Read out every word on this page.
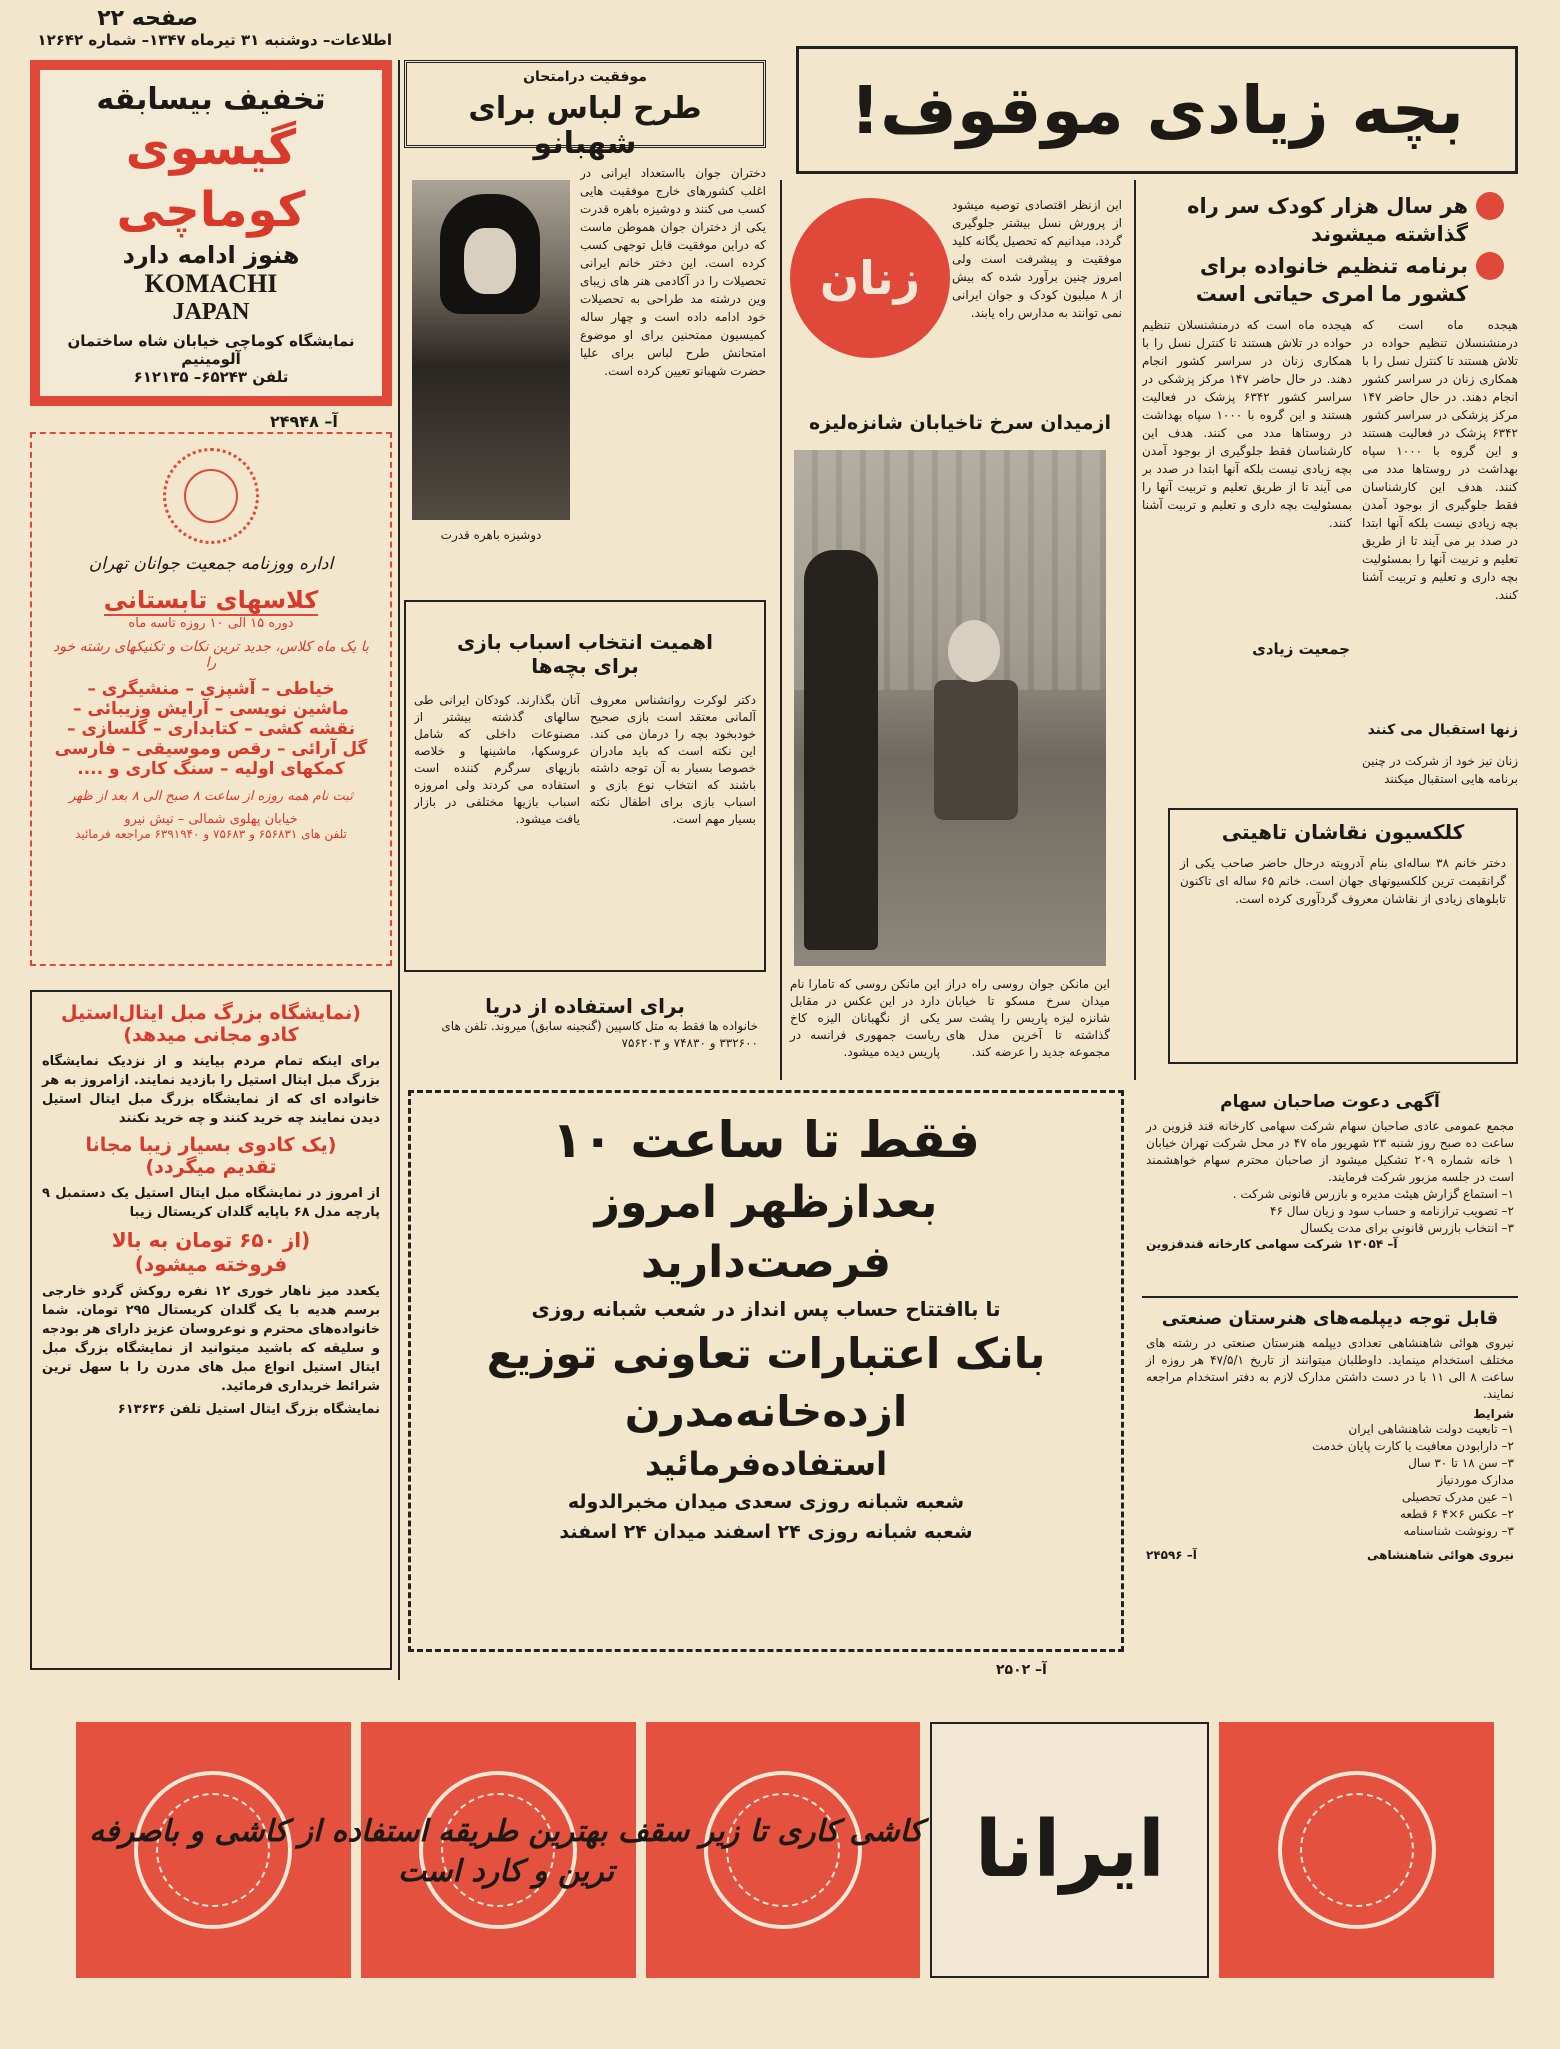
صفحه ۲۲
اطلاعات– دوشنبه ۳۱ تیرماه ۱۳۴۷– شماره ۱۲۶۴۲
تخفیف بیسابقه
گیسوی کوماچی
هنوز ادامه دارد
KOMACHI
JAPAN
نمایشگاه کوماچی خیابان شاه ساختمان آلومینیم
تلفن ۶۵۲۴۳– ۶۱۲۱۳۵
آ– ۲۴۹۴۸
اداره ووزنامه جمعیت جوانان تهران
کلاسهای تابستانی
دوره ۱۵ الی ۱۰ روزه تاسه ماه
با یک ماه کلاس، جدید ترین نکات و تکنیکهای رشته خود را
خیاطی – آشپزی – منشیگری –
ماشین نویسی – آرایش وزیبائی –
نقشه کشی – کتابداری – گلسازی –
گل آرائی – رقص وموسیقی – فارسی
کمکهای اولیه – سنگ کاری و ....
ثبت نام همه روزه از ساعت ۸ صبح الی ۸ بعد از ظهر
خیابان پهلوی شمالی – تیش نیرو
تلفن های ۶۵۶۸۳۱ و ۷۵۶۸۳ و ۶۳۹۱۹۴۰ مراجعه فرمائید
(نمایشگاه بزرگ مبل ایتال‌استیل
کادو مجانی میدهد)

برای اینکه تمام مردم بیایند و از نزدیک نمایشگاه بزرگ مبل ایتال استیل را بازدید نمایند. ازامروز به هر خانواده ای که از نمایشگاه بزرگ مبل ایتال استیل دیدن نمایند چه خرید کنند و چه خرید نکنند

(یک کادوی بسیار زیبا مجانا
تقدیم میگردد)

از امروز در نمایشگاه مبل ایتال استیل یک دستمبل ۹ پارچه مدل ۶۸ باپایه گلدان کریستال زیبا

(از ۶۵۰ تومان به بالا
فروخته میشود)

یکعدد میز ناهار خوری ۱۲ نفره روکش گردو خارجی برسم هدیه با یک گلدان کریستال ۲۹۵ تومان. شما خانواده‌های محترم و نوعروسان عزیز دارای هر بودجه و سلیقه که باشید میتوانید از نمایشگاه بزرگ مبل ایتال استیل انواع مبل های مدرن را با سهل ترین شرائط خریداری فرمائید.

نمایشگاه بزرگ ایتال استیل تلفن ۶۱۳۶۳۶

موفقیت درامتحان
طرح لباس برای شهبانو
دختران جوان بااستعداد ایرانی در اغلب کشورهای خارج موفقیت هایی کسب می کنند و دوشیزه باهره قدرت یکی از دختران جوان هموطن ماست که دراین موفقیت قابل توجهی کسب کرده است. این دختر خانم ایرانی تحصیلات را در آکادمی هنر های زیبای وین درشته مد طراحی به تحصیلات خود ادامه داده است و چهار ساله کمیسیون ممتحنین برای او موضوع امتحانش طرح لباس برای علیا حضرت شهبانو تعیین کرده است.
دوشیزه باهره قدرت
اهمیت انتخاب اسباب بازی
برای بچه‌ها
دکتر لوکرت روانشناس معروف آلمانی معتقد است بازی صحیح خودبخود بچه را درمان می کند. این نکته است که باید مادران خصوصا بسیار به آن توجه داشته باشند که انتخاب نوع بازی و اسباب بازی برای اطفال نکته بسیار مهم است.
آنان بگذارند. کودکان ایرانی طی سالهای گذشته بیشتر از مصنوعات داخلی که شامل عروسکها، ماشینها و خلاصه بازیهای سرگرم کننده است استفاده می کردند ولی امروزه اسباب بازیها مختلفی در بازار یافت میشود.
برای استفاده از دریا
خانواده ها فقط به متل کاسپین (گنجینه سابق) میروند. تلفن های ۳۳۲۶۰۰ و ۷۴۸۳۰ و ۷۵۶۲۰۳
زنان
این ازنظر اقتصادی توصیه میشود از پرورش نسل بیشتر جلوگیری گردد. میدانیم که تحصیل یگانه کلید موفقیت و پیشرفت است ولی امروز چنین برآورد شده که بیش از ۸ میلیون کودک و جوان ایرانی نمی توانند به مدارس راه یابند.
ازمیدان سرخ تاخیابان شانزه‌لیزه
این مانکن جوان روسی راه دراز میدان سرخ مسکو تا خیابان شانزه لیزه پاریس را پشت سر گذاشته تا آخرین مدل های مجموعه جدید را عرضه کند.
این مانکن روسی که تامارا نام دارد در این عکس در مقابل یکی از نگهبانان الیزه کاخ ریاست جمهوری فرانسه در پاریس دیده میشود.
بچه زیادی موقوف!
هر سال هزار کودک سر راه گذاشته میشوند
برنامه تنظیم خانواده برای کشور ما امری حیاتی است
هیجده ماه است که درمنشنسلان تنظیم حواده در تلاش هستند تا کنترل نسل را با همکاری زنان در سراسر کشور انجام دهند. در حال حاضر ۱۴۷ مرکز پزشکی در سراسر کشور ۶۳۴۲ پزشک در فعالیت هستند و این گروه با ۱۰۰۰ سپاه بهداشت در روستاها مدد می کنند. هدف این کارشناسان فقط جلوگیری از بوجود آمدن بچه زیادی نیست بلکه آنها ابتدا در صدد بر می آیند تا از طریق تعلیم و تربیت آنها را بمسئولیت بچه داری و تعلیم و تربیت آشنا کنند.
هیجده ماه است که درمنشنسلان تنظیم حواده در تلاش هستند تا کنترل نسل را با همکاری زنان در سراسر کشور انجام دهند. در حال حاضر ۱۴۷ مرکز پزشکی در سراسر کشور ۶۳۴۲ پزشک در فعالیت هستند و این گروه با ۱۰۰۰ سپاه بهداشت در روستاها مدد می کنند. هدف این کارشناسان فقط جلوگیری از بوجود آمدن بچه زیادی نیست بلکه آنها ابتدا در صدد بر می آیند تا از طریق تعلیم و تربیت آنها را بمسئولیت بچه داری و تعلیم و تربیت آشنا کنند.
جمعیت زیادی
زنها استقبال می کنند
زنان نیز خود از شرکت در چنین برنامه هایی استقبال میکنند
کلکسیون نقاشان تاهیتی
دختر خانم ۳۸ ساله‌ای بنام آدرویته درحال حاضر صاحب یکی از گرانقیمت ترین کلکسیونهای جهان است. خانم ۶۵ ساله ای تاکنون تابلوهای زیادی از نقاشان معروف گردآوری کرده است.
آگهی دعوت صاحبان سهام
مجمع عمومی عادی صاحبان سهام شرکت سهامی کارخانه قند قزوین در ساعت ده صبح روز شنبه ۲۳ شهریور ماه ۴۷ در محل شرکت تهران خیابان ۱ خانه شماره ۲۰۹ تشکیل میشود از صاحبان محترم سهام خواهشمند است در جلسه مزبور شرکت فرمایند.
۱– استماع گزارش هیئت مدیره و بازرس قانونی شرکت .
۲– تصویب ترازنامه و حساب سود و زیان سال ۴۶
۳– انتخاب بازرس قانونی برای مدت یکسال
آ– ۱۳۰۵۴ شرکت سهامی کارخانه قندقزوین
قابل توجه دیپلمه‌های هنرستان صنعتی
نیروی هوائی شاهنشاهی تعدادی دیپلمه هنرستان صنعتی در رشته های مختلف استخدام مینماید. داوطلبان میتوانند از تاریخ ۴۷/۵/۱ هر روزه از ساعت ۸ الی ۱۱ با در دست داشتن مدارک لازم به دفتر استخدام مراجعه نمایند.
شرایط
۱– تابعیت دولت شاهنشاهی ایران
۲– دارابودن معافیت یا کارت پایان خدمت
۳– سن ۱۸ تا ۳۰ سال
مدارک موردنیاز
۱– عین مدرک تحصیلی
۲– عکس ۶×۴ ۶ قطعه
۳– رونوشت شناسنامه
نیروی هوائی شاهنشاهی
آ– ۲۴۵۹۶
فقط تا ساعت ۱۰
بعدازظهر امروز
فرصت‌دارید
تا باافتتاح حساب پس انداز در شعب شبانه روزی
بانک اعتبارات تعاونی توزیع
ازده‌خانه‌مدرن
استفاده‌فرمائید
شعبه شبانه روزی سعدی میدان مخبرالدوله
شعبه شبانه روزی ۲۴ اسفند میدان ۲۴ اسفند
آ– ۲۵۰۲
ایرانا
کاشی کاری تا زیر سقف بهترین طریقه استفاده از کاشی و باصرفه ترین و کارد است
